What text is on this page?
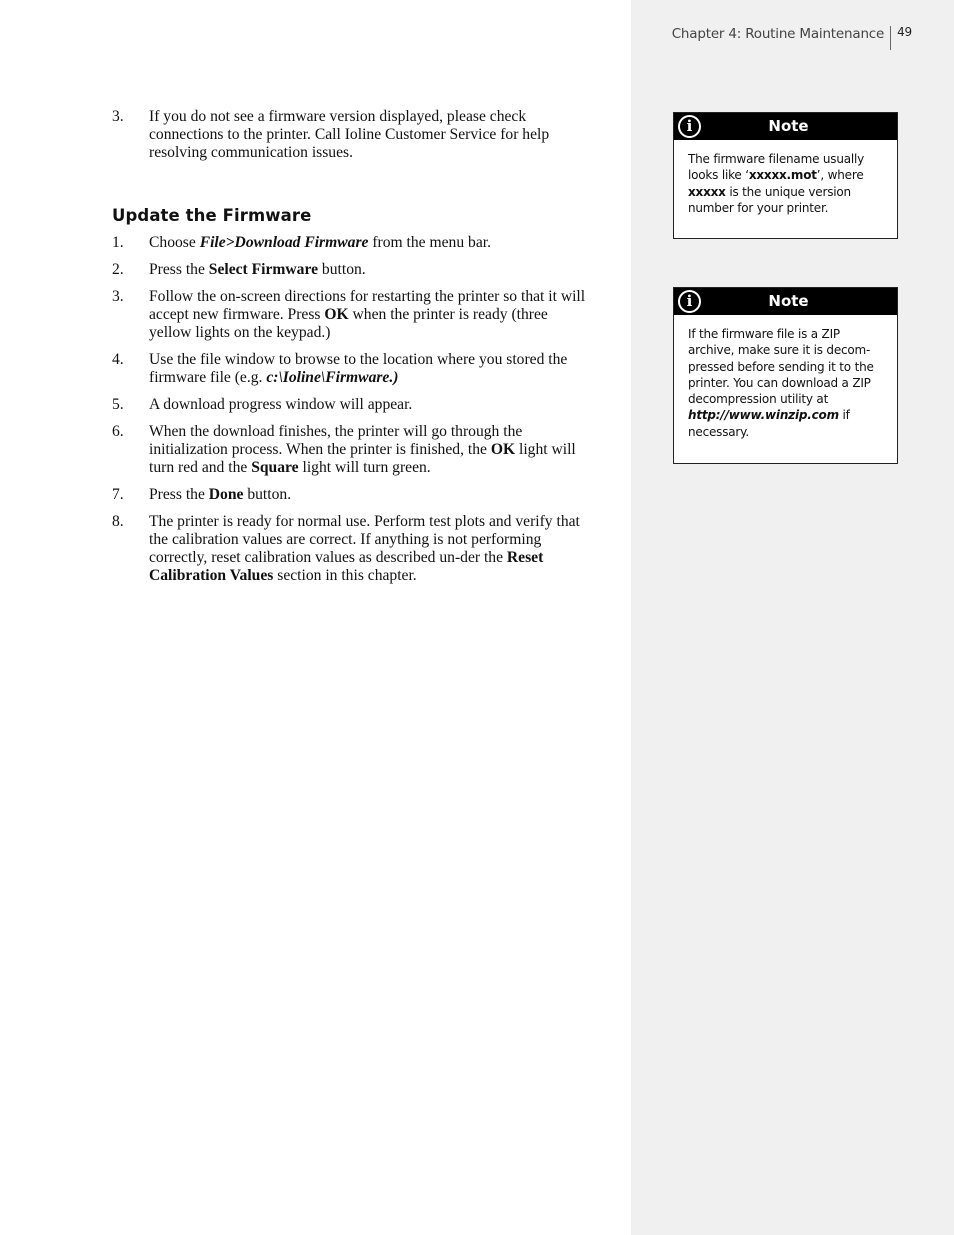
Chapter 4: Routine Maintenance	49
3.	If you do not see a firmware version displayed, please check connections to the printer. Call Ioline Customer Service for help resolving communication issues.
Update the Firmware
1.	Choose File>Download Firmware from the menu bar.
2.	Press the Select Firmware button.
3.	Follow the on-screen directions for restarting the printer so that it will accept new firmware. Press OK when the printer is ready (three yellow lights on the keypad.)
4.	Use the file window to browse to the location where you stored the firmware file (e.g. c:\Ioline\Firmware.)
5.	A download progress window will appear.
6.	When the download finishes, the printer will go through the initialization process. When the printer is finished, the OK light will turn red and the Square light will turn green.
7.	Press the Done button.
8.	The printer is ready for normal use. Perform test plots and verify that the calibration values are correct. If anything is not performing correctly, reset calibration values as described un-der the Reset Calibration Values section in this chapter.
i	Note
The firmware filename usually looks like ‘xxxxx.mot’, where xxxxx is the unique version number for your printer.
i	Note
If the firmware file is a ZIP archive, make sure it is decom-pressed before sending it to the printer. You can download a ZIP decompression utility at http://www.winzip.com if necessary.
